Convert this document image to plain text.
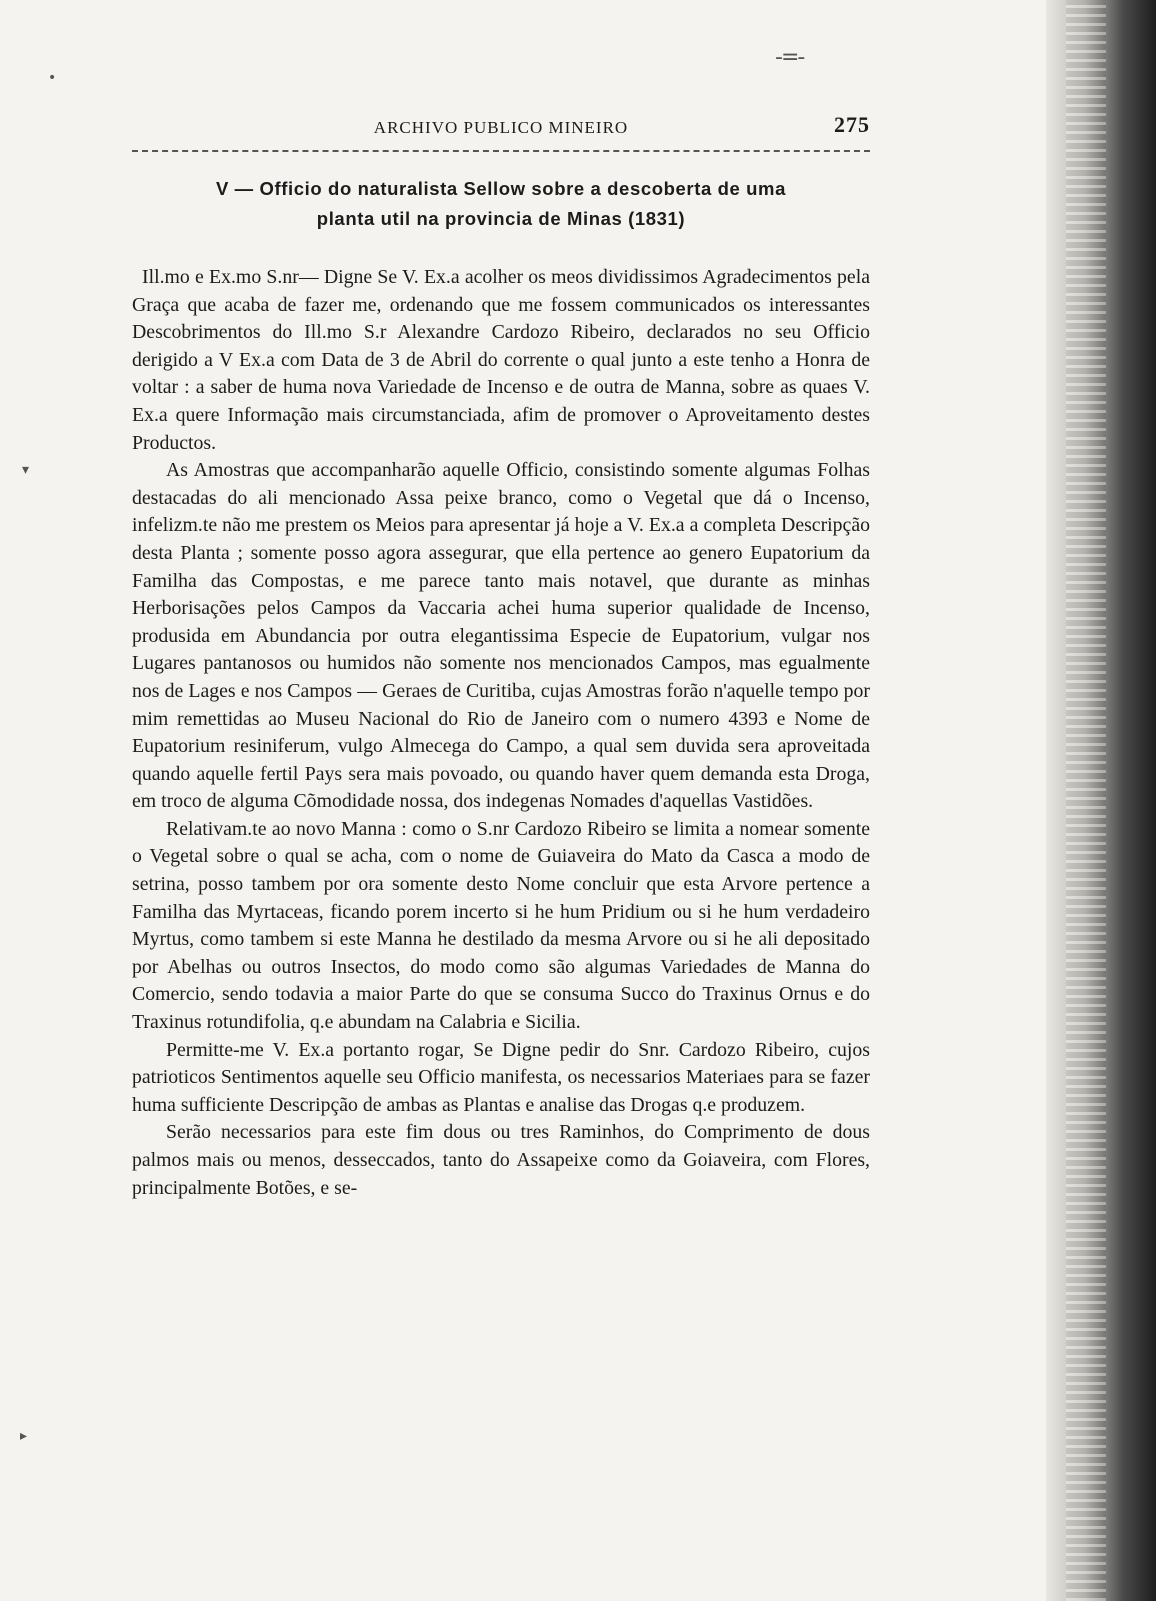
-=-
•
▾
▸
ARCHIVO PUBLICO MINEIRO	275
V — Officio do naturalista Sellow sobre a descoberta de uma
planta util na provincia de Minas (1831)

Ill.mo e Ex.mo S.nr— Digne Se V. Ex.a acolher os meos dividissimos Agradecimentos pela Graça que acaba de fazer me, ordenando que me fossem communicados os interessantes Descobrimentos do Ill.mo S.r Alexandre Cardozo Ribeiro, declarados no seu Officio derigido a V Ex.a com Data de 3 de Abril do corrente o qual junto a este tenho a Honra de voltar : a saber de huma nova Variedade de Incenso e de outra de Manna, sobre as quaes V. Ex.a quere Informação mais circumstanciada, afim de promover o Aproveitamento destes Productos.

As Amostras que accompanharão aquelle Officio, consistindo somente algumas Folhas destacadas do ali mencionado Assa peixe branco, como o Vegetal que dá o Incenso, infelizm.te não me prestem os Meios para apresentar já hoje a V. Ex.a a completa Descripção desta Planta ; somente posso agora assegurar, que ella pertence ao genero Eupatorium da Familha das Compostas, e me parece tanto mais notavel, que durante as minhas Herborisações pelos Campos da Vaccaria achei huma superior qualidade de Incenso, produsida em Abundancia por outra elegantissima Especie de Eupatorium, vulgar nos Lugares pantanosos ou humidos não somente nos mencionados Campos, mas egualmente nos de Lages e nos Campos — Geraes de Curitiba, cujas Amostras forão n'aquelle tempo por mim remettidas ao Museu Nacional do Rio de Janeiro com o numero 4393 e Nome de Eupatorium resiniferum, vulgo Almecega do Campo, a qual sem duvida sera aproveitada quando aquelle fertil Pays sera mais povoado, ou quando haver quem demanda esta Droga, em troco de alguma Cõmodidade nossa, dos indegenas Nomades d'aquellas Vastidões.

Relativam.te ao novo Manna : como o S.nr Cardozo Ribeiro se limita a nomear somente o Vegetal sobre o qual se acha, com o nome de Guiaveira do Mato da Casca a modo de setrina, posso tambem por ora somente desto Nome concluir que esta Arvore pertence a Familha das Myrtaceas, ficando porem incerto si he hum Pridium ou si he hum verdadeiro Myrtus, como tambem si este Manna he destilado da mesma Arvore ou si he ali depositado por Abelhas ou outros Insectos, do modo como são algumas Variedades de Manna do Comercio, sendo todavia a maior Parte do que se consuma Succo do Traxinus Ornus e do Traxinus rotundifolia, q.e abundam na Calabria e Sicilia.

Permitte-me V. Ex.a portanto rogar, Se Digne pedir do Snr. Cardozo Ribeiro, cujos patrioticos Sentimentos aquelle seu Officio manifesta, os necessarios Materiaes para se fazer huma sufficiente Descripção de ambas as Plantas e analise das Drogas q.e produzem.

Serão necessarios para este fim dous ou tres Raminhos, do Comprimento de dous palmos mais ou menos, desseccados, tanto do Assapeixe como da Goiaveira, com Flores, principalmente Botões, e se-
